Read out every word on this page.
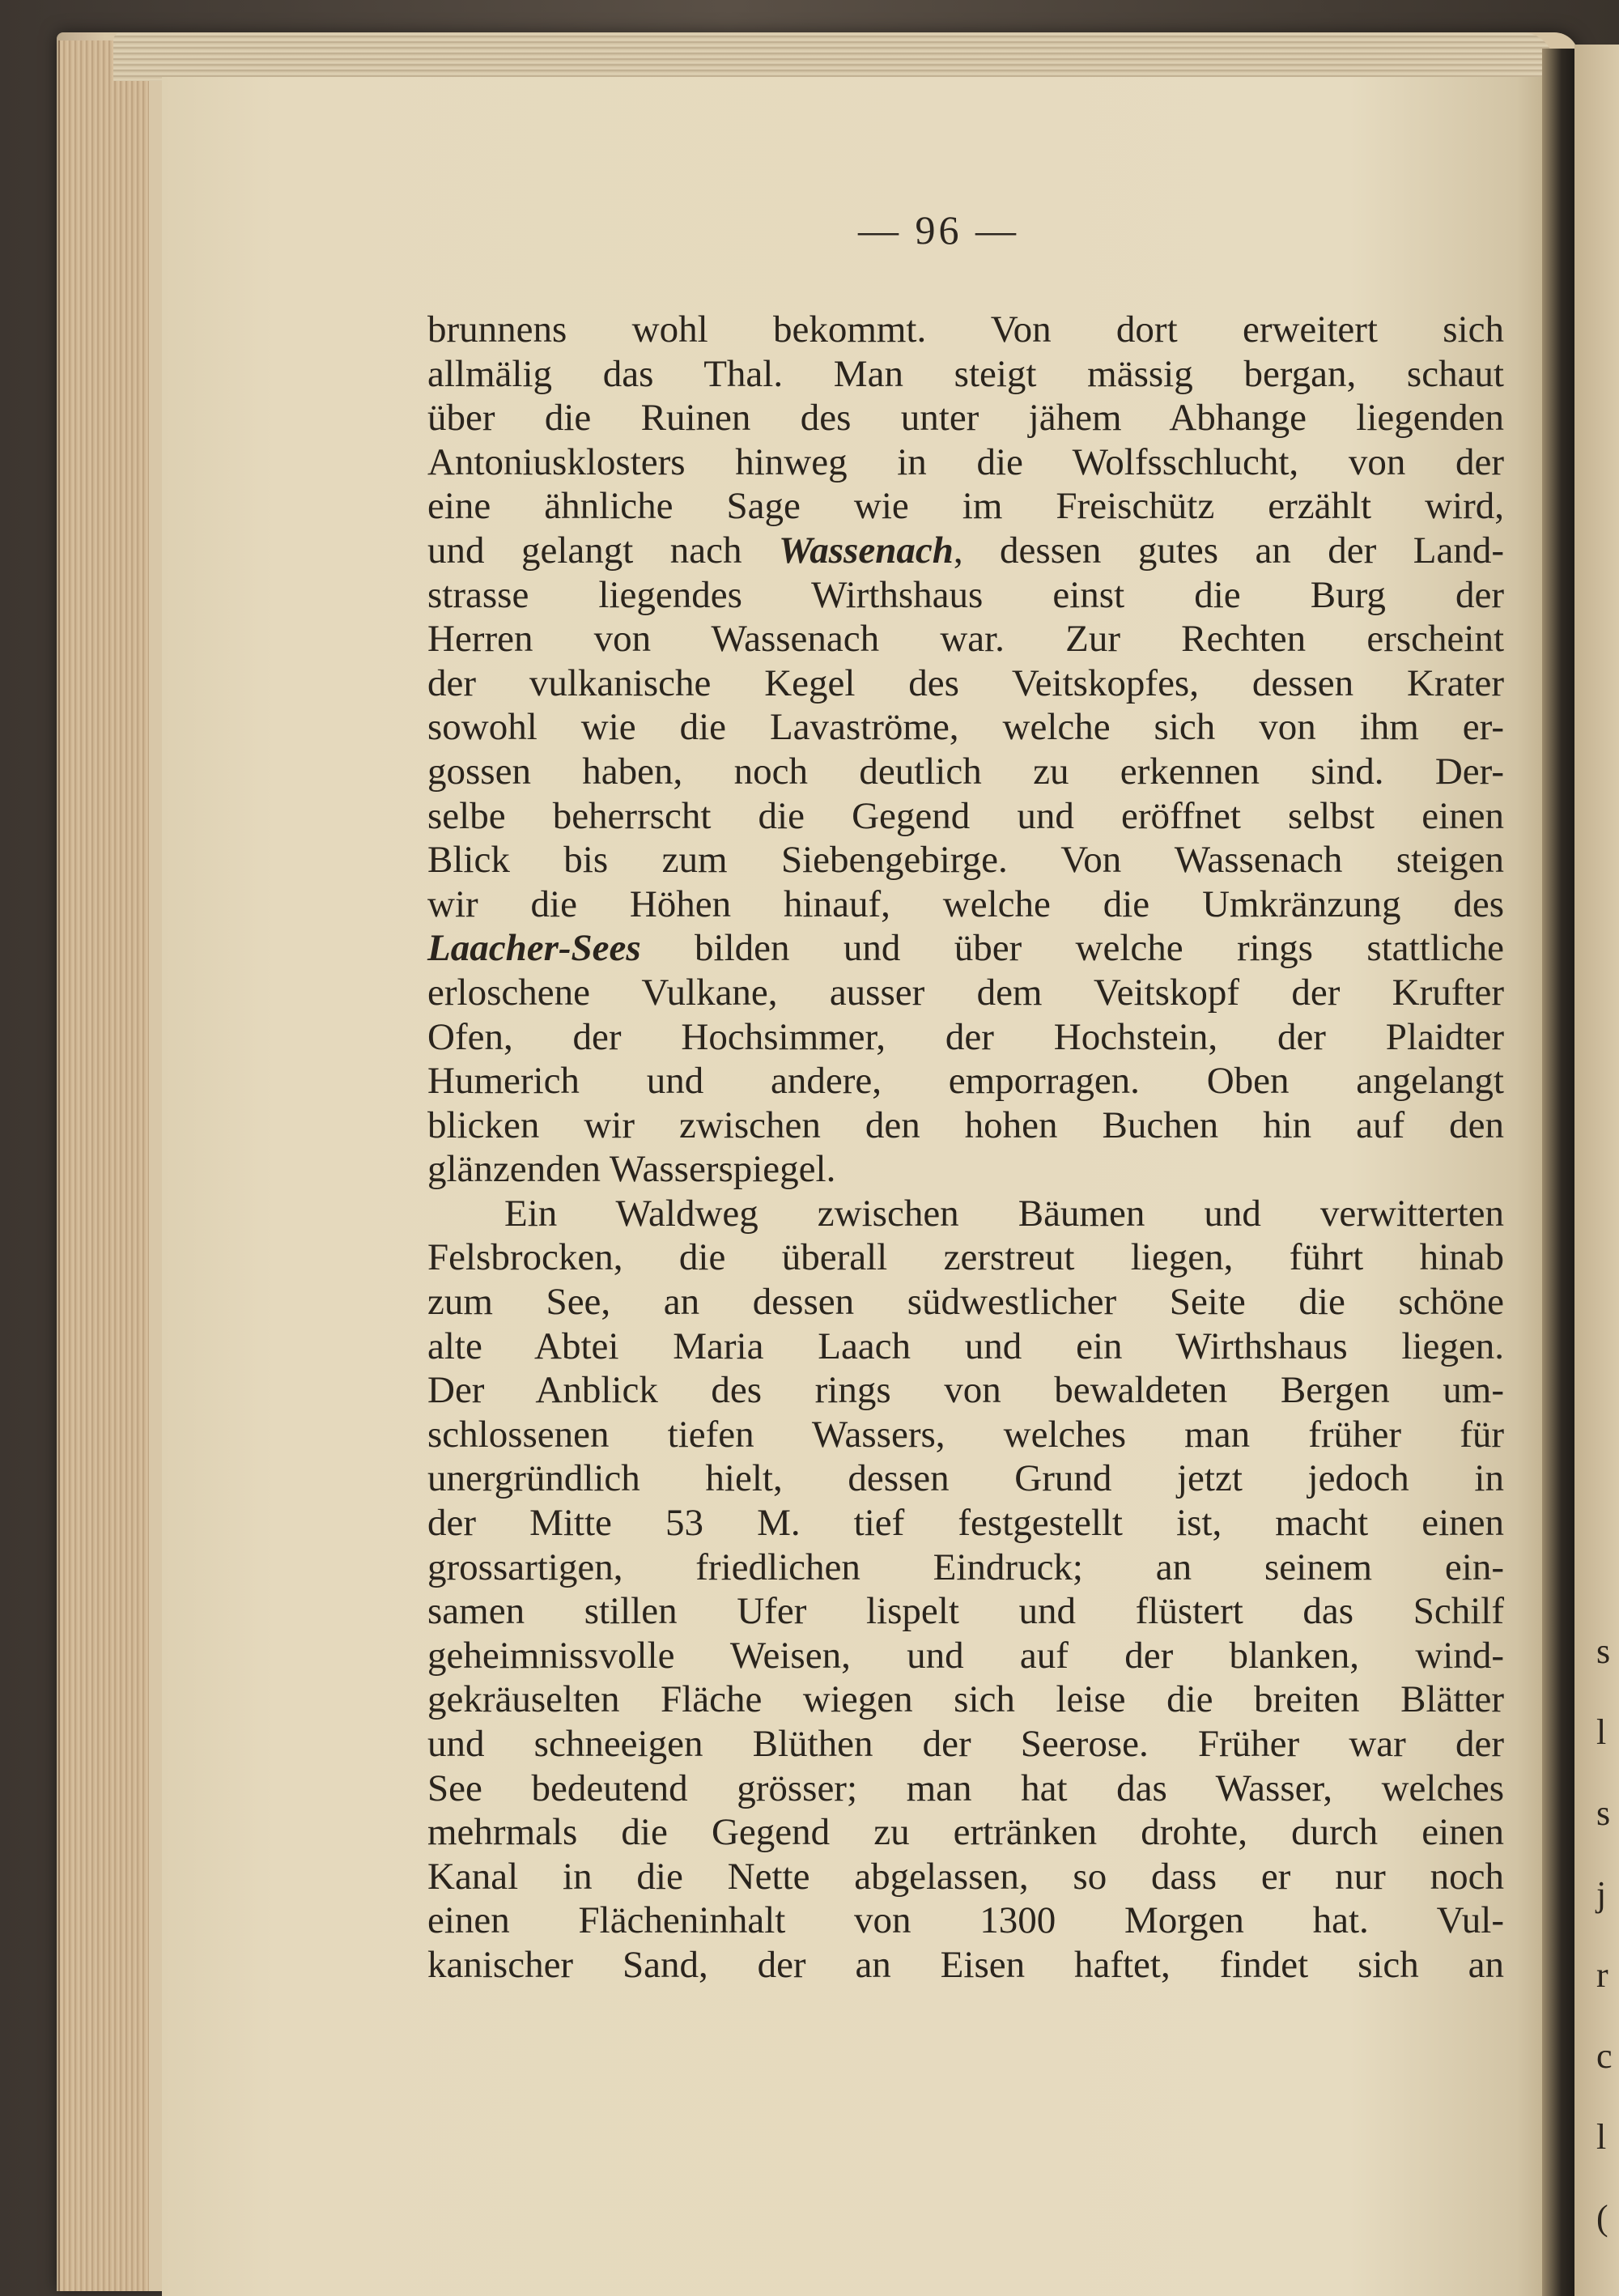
s
l
s
j
r
c
l
(
— 96 —
brunnens wohl bekommt. Von dort erweitert sich
allmälig das Thal. Man steigt mässig bergan, schaut
über die Ruinen des unter jähem Abhange liegenden
Antoniusklosters hinweg in die Wolfsschlucht, von der
eine ähnliche Sage wie im Freischütz erzählt wird,
und gelangt nach Wassenach, dessen gutes an der Land-
strasse liegendes Wirthshaus einst die Burg der
Herren von Wassenach war. Zur Rechten erscheint
der vulkanische Kegel des Veitskopfes, dessen Krater
sowohl wie die Lavaströme, welche sich von ihm er-
gossen haben, noch deutlich zu erkennen sind. Der-
selbe beherrscht die Gegend und eröffnet selbst einen
Blick bis zum Siebengebirge. Von Wassenach steigen
wir die Höhen hinauf, welche die Umkränzung des
Laacher-Sees bilden und über welche rings stattliche
erloschene Vulkane, ausser dem Veitskopf der Krufter
Ofen, der Hochsimmer, der Hochstein, der Plaidter
Humerich und andere, emporragen. Oben angelangt
blicken wir zwischen den hohen Buchen hin auf den
glänzenden Wasserspiegel.
Ein Waldweg zwischen Bäumen und verwitterten
Felsbrocken, die überall zerstreut liegen, führt hinab
zum See, an dessen südwestlicher Seite die schöne
alte Abtei Maria Laach und ein Wirthshaus liegen.
Der Anblick des rings von bewaldeten Bergen um-
schlossenen tiefen Wassers, welches man früher für
unergründlich hielt, dessen Grund jetzt jedoch in
der Mitte 53 M. tief festgestellt ist, macht einen
grossartigen, friedlichen Eindruck; an seinem ein-
samen stillen Ufer lispelt und flüstert das Schilf
geheimnissvolle Weisen, und auf der blanken, wind-
gekräuselten Fläche wiegen sich leise die breiten Blätter
und schneeigen Blüthen der Seerose. Früher war der
See bedeutend grösser; man hat das Wasser, welches
mehrmals die Gegend zu ertränken drohte, durch einen
Kanal in die Nette abgelassen, so dass er nur noch
einen Flächeninhalt von 1300 Morgen hat. Vul-
kanischer Sand, der an Eisen haftet, findet sich an
